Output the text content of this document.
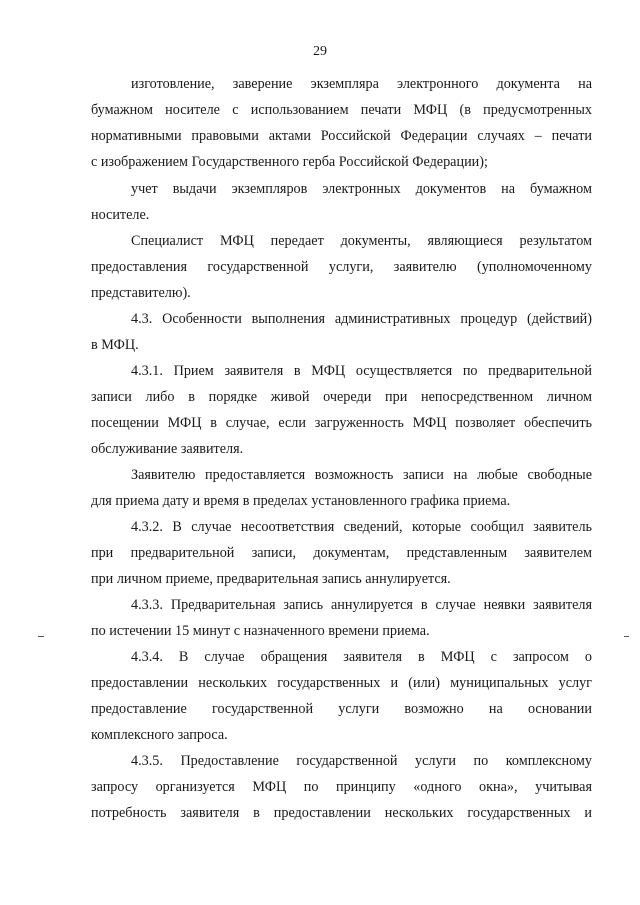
29
изготовление, заверение экземпляра электронного документа на
бумажном носителе с использованием печати МФЦ (в предусмотренных
нормативными правовыми актами Российской Федерации случаях – печати
с изображением Государственного герба Российской Федерации);
учет выдачи экземпляров электронных документов на бумажном
носителе.
Специалист МФЦ передает документы, являющиеся результатом
предоставления государственной услуги, заявителю (уполномоченному
представителю).
4.3. Особенности выполнения административных процедур (действий)
в МФЦ.
4.3.1. Прием заявителя в МФЦ осуществляется по предварительной
записи либо в порядке живой очереди при непосредственном личном
посещении МФЦ в случае, если загруженность МФЦ позволяет обеспечить
обслуживание заявителя.
Заявителю предоставляется возможность записи на любые свободные
для приема дату и время в пределах установленного графика приема.
4.3.2. В случае несоответствия сведений, которые сообщил заявитель
при предварительной записи, документам, представленным заявителем
при личном приеме, предварительная запись аннулируется.
4.3.3. Предварительная запись аннулируется в случае неявки заявителя
по истечении 15 минут с назначенного времени приема.
4.3.4. В случае обращения заявителя в МФЦ с запросом о
предоставлении нескольких государственных и (или) муниципальных услуг
предоставление государственной услуги возможно на основании
комплексного запроса.
4.3.5. Предоставление государственной услуги по комплексному
запросу организуется МФЦ по принципу «одного окна», учитывая
потребность заявителя в предоставлении нескольких государственных и
